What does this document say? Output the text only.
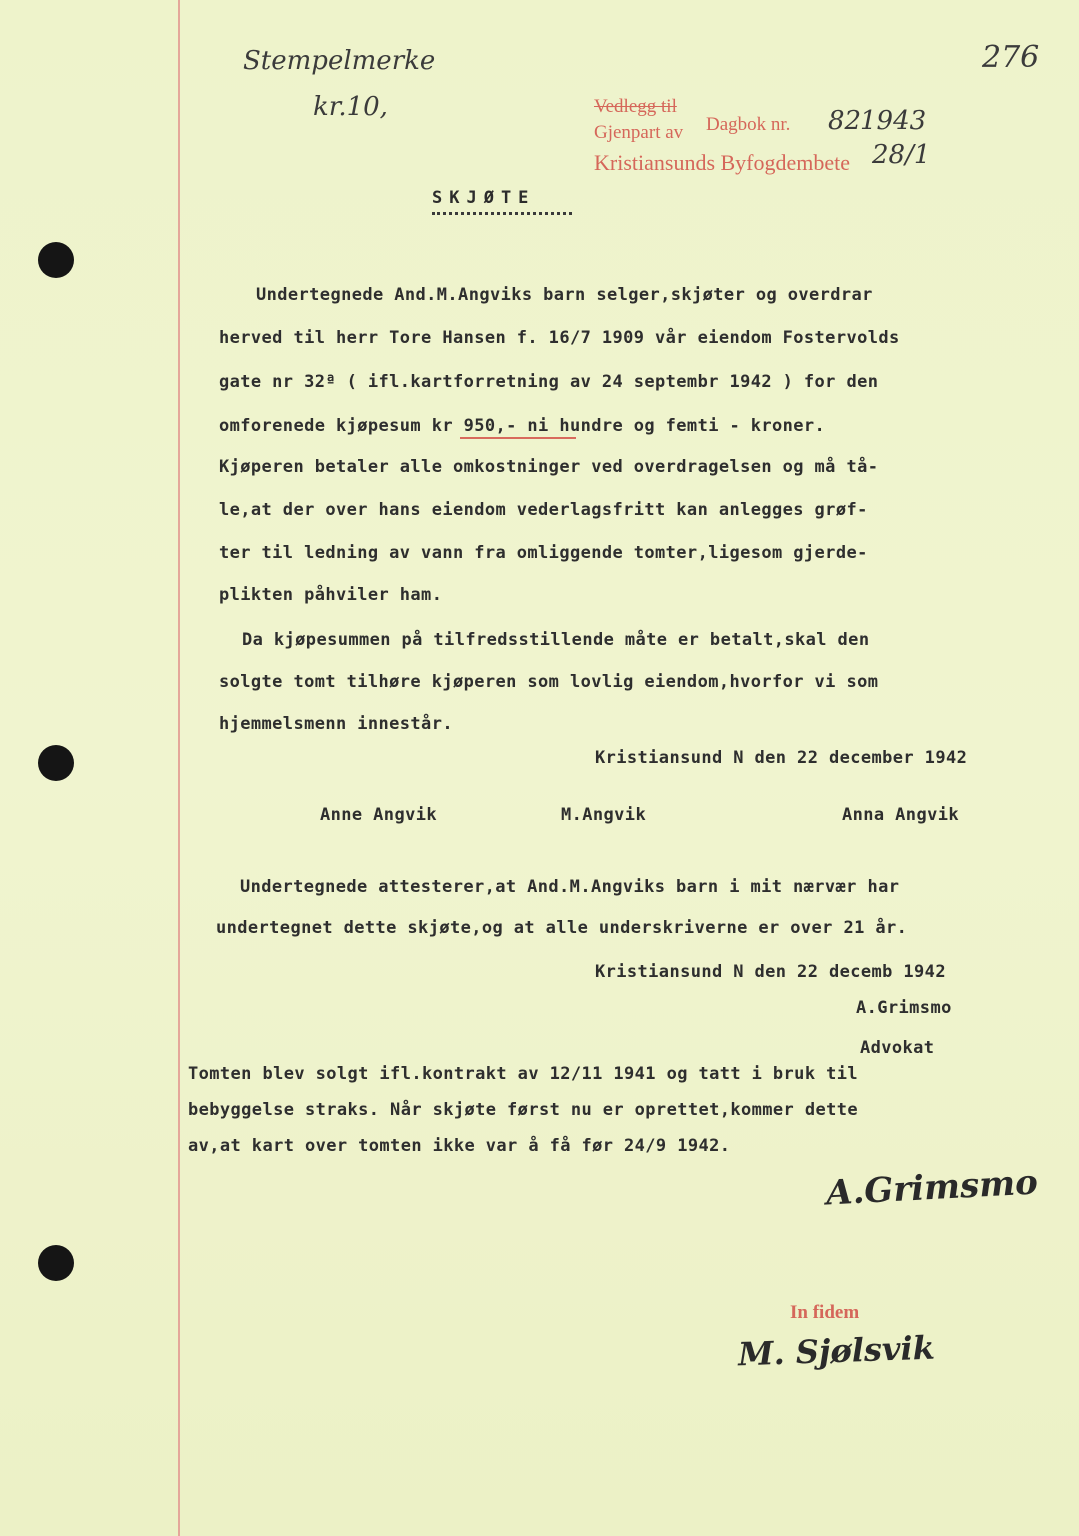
Stempelmerke
kr.10,
276
Vedlegg til
Gjenpart av Dagbok nr. 82
1943
Kristiansunds Byfogdembete 28/1
SKJØTE
Undertegnede And.M.Angviks barn selger,skjøter og overdrar
herved til herr Tore Hansen f. 16/7 1909 vår eiendom Fostervolds
gate nr 32ª ( ifl.kartforretning av 24 septembr 1942 ) for den
omforenede kjøpesum kr 950,- ni hundre og femti - kroner.
Kjøperen betaler alle omkostninger ved overdragelsen og må tå-
le,at der over hans eiendom vederlagsfritt kan anlegges grøf-
ter til ledning av vann fra omliggende tomter,ligesom gjerde-
plikten påhviler ham.
Da kjøpesummen på tilfredsstillende måte er betalt,skal den
solgte tomt tilhøre kjøperen som lovlig eiendom,hvorfor vi som
hjemmelsmenn innestår.
Kristiansund N den 22 december 1942
Anne Angvik	M.Angvik	Anna Angvik
Undertegnede attesterer,at And.M.Angviks barn i mit nærvær har
undertegnet dette skjøte,og at alle underskriverne er over 21 år.
Kristiansund N den 22 decemb 1942
A.Grimsmo
Advokat
Tomten blev solgt ifl.kontrakt av 12/11 1941 og tatt i bruk til
bebyggelse straks. Når skjøte først nu er oprettet,kommer dette
av,at kart over tomten ikke var å få før 24/9 1942.
A.Grimsmo
In fidem
M. Sjølsvik
